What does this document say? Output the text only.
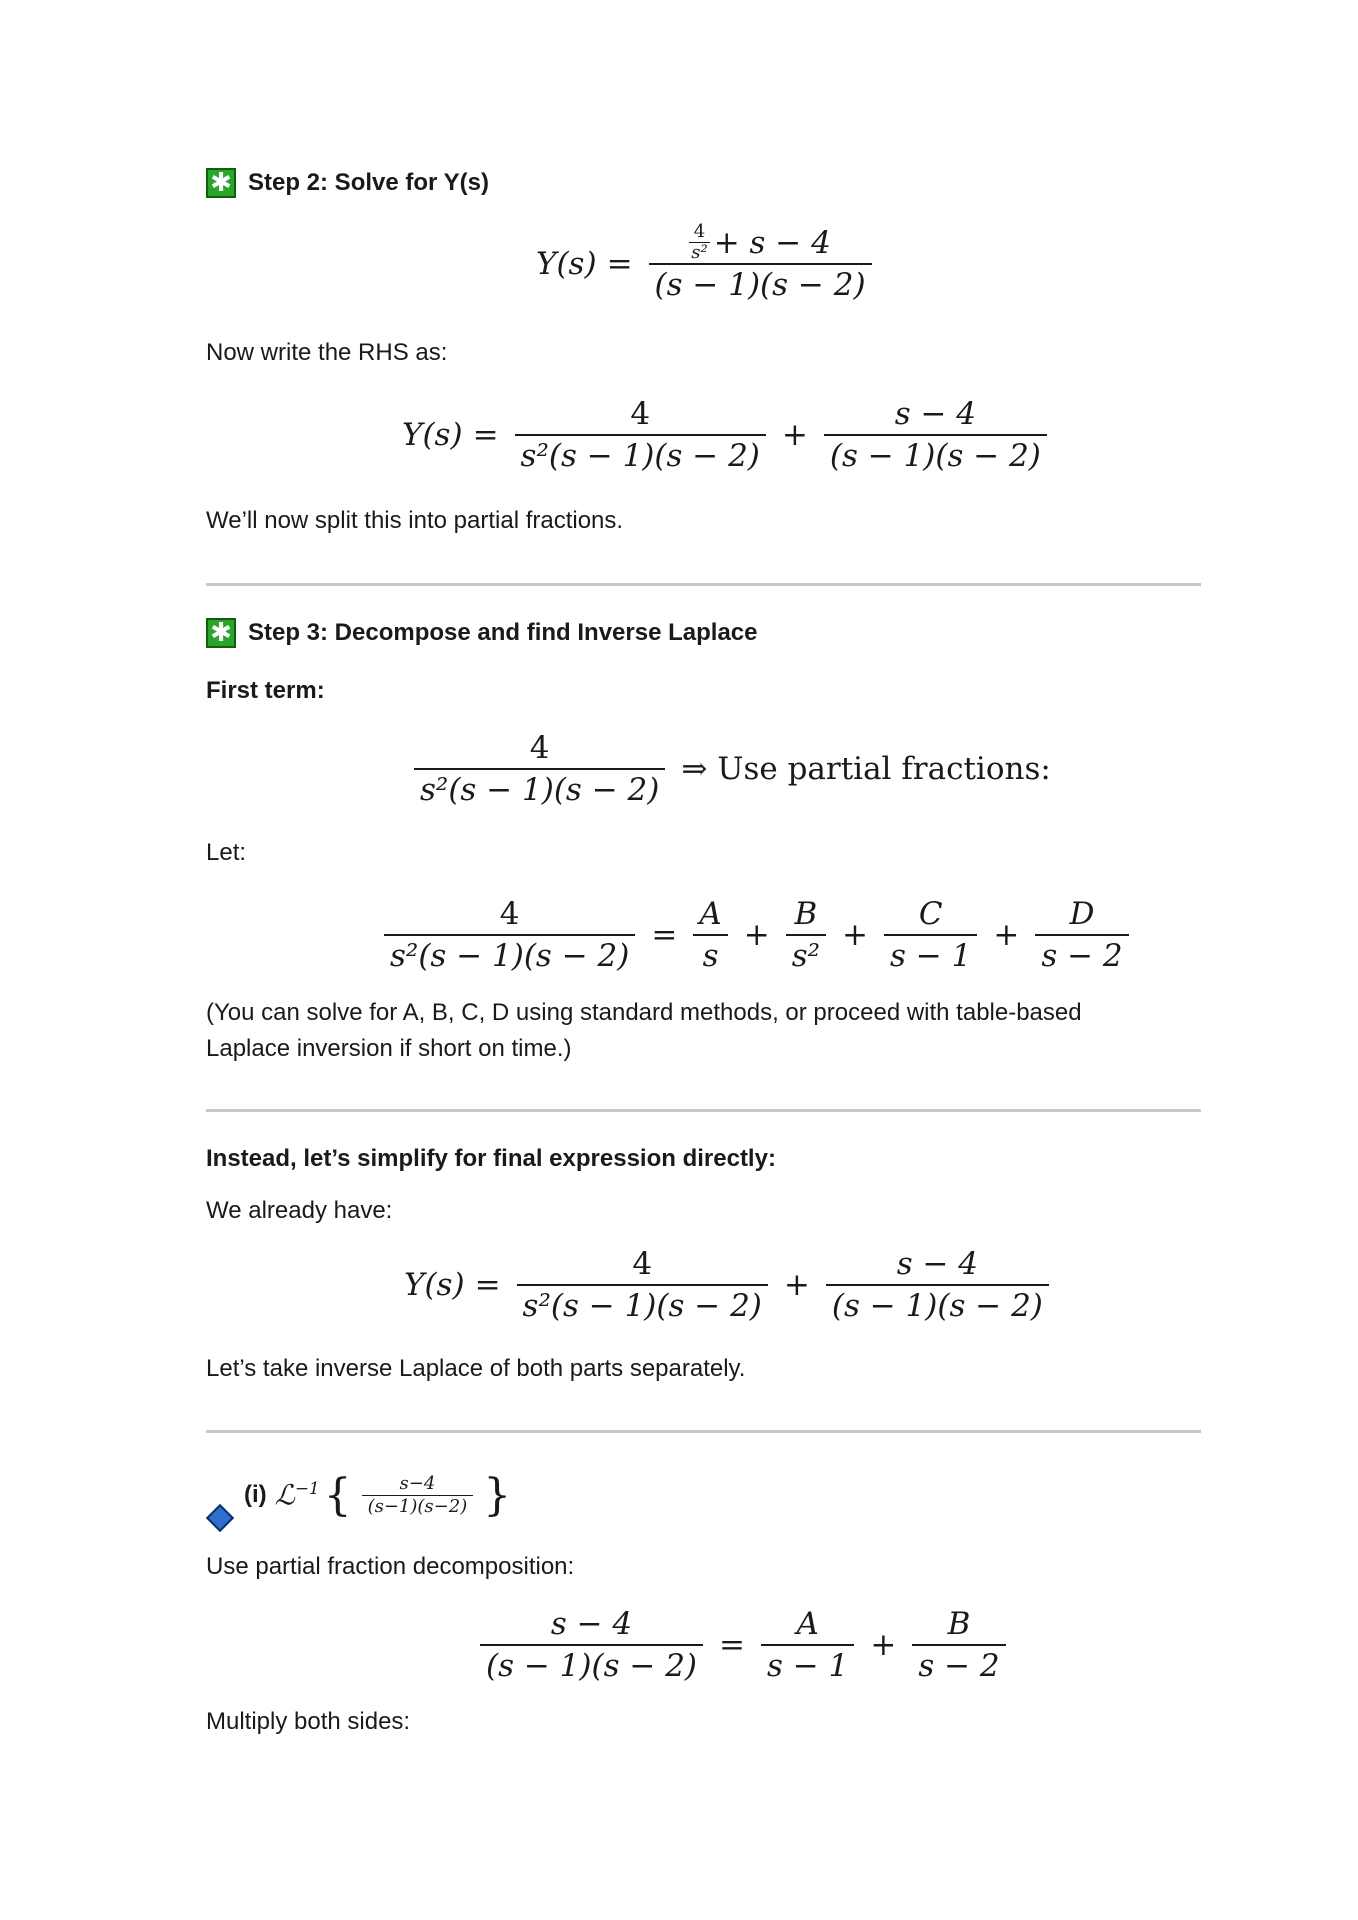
✱ Step 2: Solve for Y(s)
$Y(s) = \frac{\frac{4}{\text{s²}} + s - 4}{(s - 1)(s - 2)}$
Now write the RHS as:
$Y(s) = \frac{4}{\text{s²(s − 1)(s − 2)}} + \frac{s - 4}{(s - 1)(s - 2)}$
We’ll now split this into partial fractions.
✱ Step 3: Decompose and find Inverse Laplace
First term:
$\frac{4}{\text{s²(s − 1)(s − 2)}}$ ⇒ Use partial fractions:
Let:
$\frac{4}{\text{s²(s − 1)(s − 2)}} = \frac{A}{s} + \frac{B}{\text{s²}} + \frac{C}{s - 1} + \frac{D}{s - 2}$
(You can solve for A, B, C, D using standard methods, or proceed with table-based
Laplace inversion if short on time.)
Instead, let’s simplify for final expression directly:
We already have:
$Y(s) = \frac{4}{\text{s²(s − 1)(s − 2)}} + \frac{s - 4}{(s - 1)(s - 2)}$
Let’s take inverse Laplace of both parts separately.
(i) ℒ$^{-1}$ { $\frac{s-4}{(s-1)(s-2)}$ }
Use partial fraction decomposition:
$\frac{s - 4}{(s - 1)(s - 2)} = \frac{A}{s - 1} + \frac{B}{s - 2}$
Multiply both sides:
